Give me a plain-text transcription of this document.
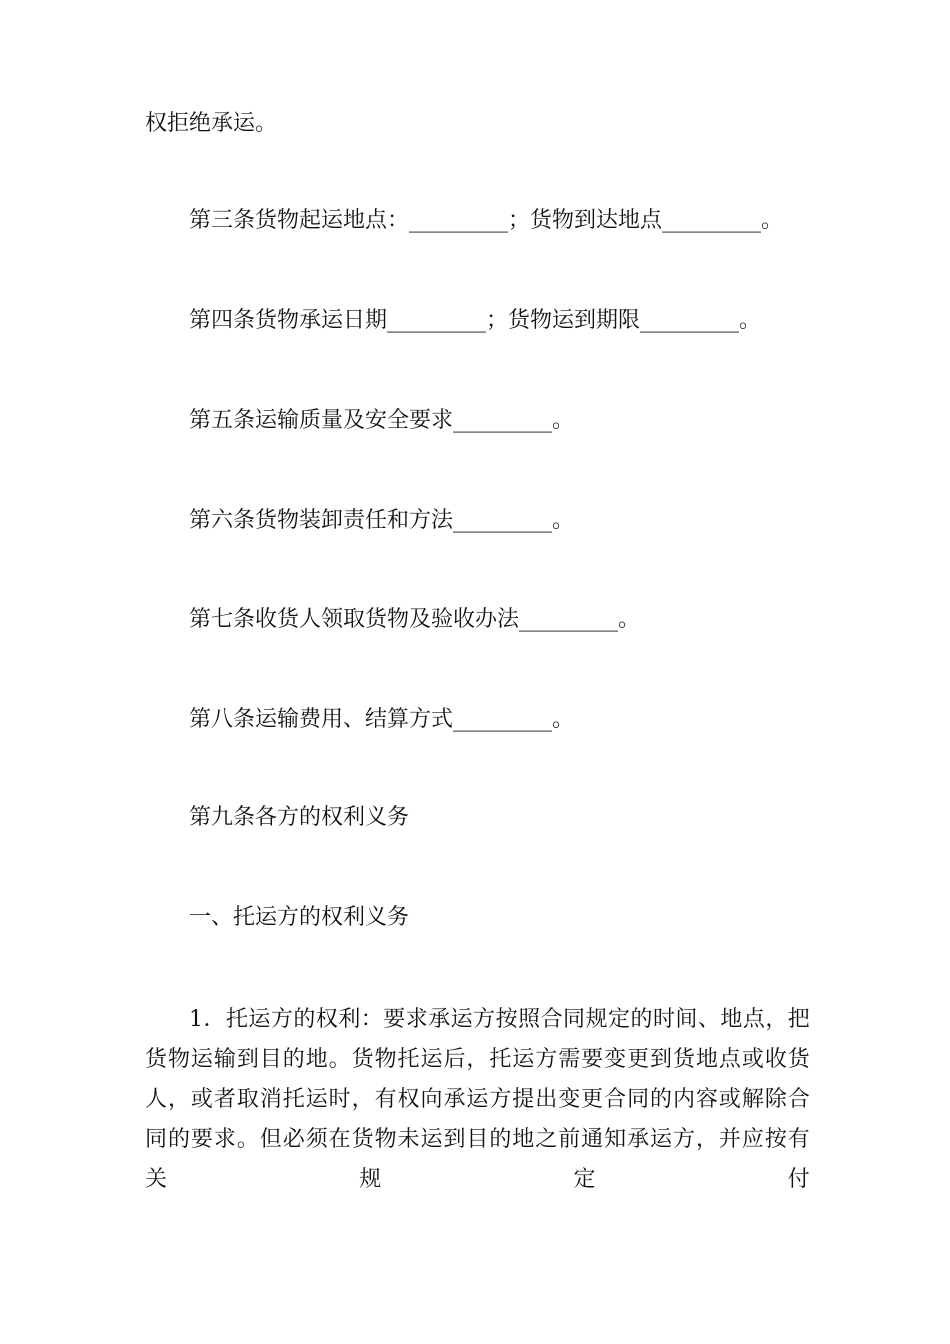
权拒绝承运。
第三条货物起运地点：_________；货物到达地点_________。
第四条货物承运日期_________；货物运到期限_________。
第五条运输质量及安全要求_________。
第六条货物装卸责任和方法_________。
第七条收货人领取货物及验收办法_________。
第八条运输费用、结算方式_________。
第九条各方的权利义务
一、托运方的权利义务
1．托运方的权利：要求承运方按照合同规定的时间、地点，把货物运输到目的地。货物托运后，托运方需要变更到货地点或收货人，或者取消托运时，有权向承运方提出变更合同的内容或解除合同的要求。但必须在货物未运到目的地之前通知承运方，并应按有关规定付
